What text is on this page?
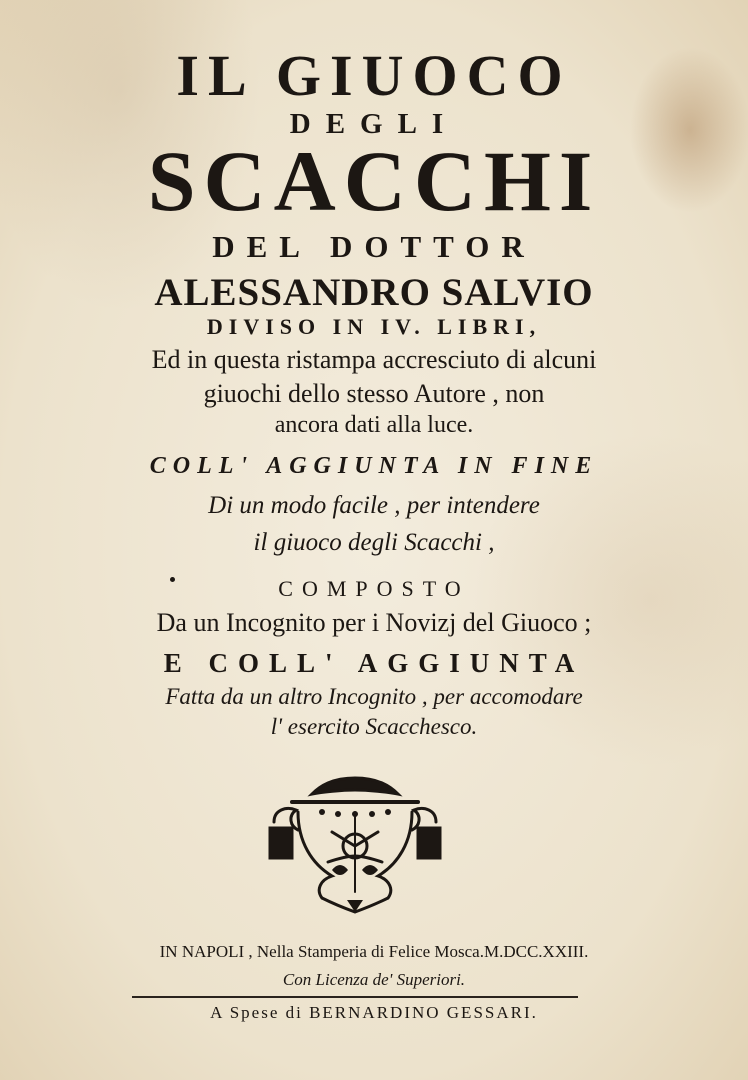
IL GIUOCO
DEGLI
SCACCHI
DEL DOTTOR
ALESSANDRO SALVIO
DIVISO IN IV. LIBRI,
Ed in questa ristampa accresciuto di alcuni
giuochi dello stesso Autore , non
ancora dati alla luce.
COLL' AGGIUNTA IN FINE
Di un modo facile , per intendere
il giuoco degli Scacchi ,
COMPOSTO
Da un Incognito per i Novizj del Giuoco ;
E COLL' AGGIUNTA
Fatta da un altro Incognito , per accomodare
l' esercito Scacchesco.
IN NAPOLI , Nella Stamperia di Felice Mosca.M.DCC.XXIII.
Con Licenza de' Superiori.
A Spese di BERNARDINO GESSARI.
